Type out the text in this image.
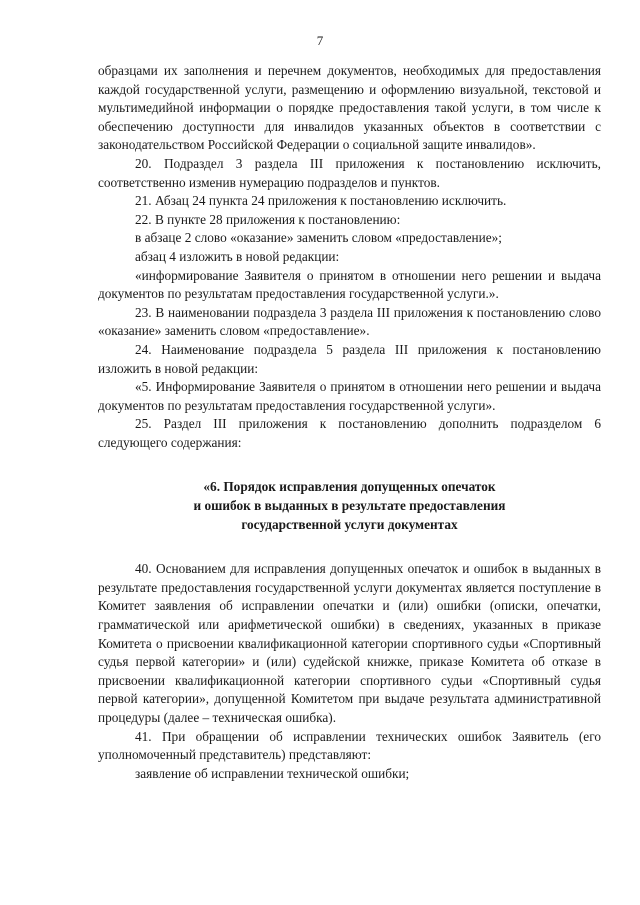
7

образцами их заполнения и перечнем документов, необходимых для предоставления каждой государственной услуги, размещению и оформлению визуальной, текстовой и мультимедийной информации о порядке предоставления такой услуги, в том числе к обеспечению доступности для инвалидов указанных объектов в соответствии с законодательством Российской Федерации о социальной защите инвалидов».

20. Подраздел 3 раздела III приложения к постановлению исключить, соответственно изменив нумерацию подразделов и пунктов.

21. Абзац 24 пункта 24 приложения к постановлению исключить.

22. В пункте 28 приложения к постановлению:

в абзаце 2 слово «оказание» заменить словом «предоставление»;

абзац 4 изложить в новой редакции:

«информирование Заявителя о принятом в отношении него решении и выдача документов по результатам предоставления государственной услуги.».

23. В наименовании подраздела 3 раздела III приложения к постановлению слово «оказание» заменить словом «предоставление».

24. Наименование подраздела 5 раздела III приложения к постановлению изложить в новой редакции:

«5. Информирование Заявителя о принятом в отношении него решении и выдача документов по результатам предоставления государственной услуги».

25. Раздел III приложения к постановлению дополнить подразделом 6 следующего содержания:

«6. Порядок исправления допущенных опечаток
и ошибок в выданных в результате предоставления
государственной услуги документах

40. Основанием для исправления допущенных опечаток и ошибок в выданных в результате предоставления государственной услуги документах является поступление в Комитет заявления об исправлении опечатки и (или) ошибки (описки, опечатки, грамматической или арифметической ошибки) в сведениях, указанных в приказе Комитета о присвоении квалификационной категории спортивного судьи «Спортивный судья первой категории» и (или) судейской книжке, приказе Комитета об отказе в присвоении квалификационной категории спортивного судьи «Спортивный судья первой категории», допущенной Комитетом при выдаче результата административной процедуры (далее – техническая ошибка).

41. При обращении об исправлении технических ошибок Заявитель (его уполномоченный представитель) представляют:

заявление об исправлении технической ошибки;
